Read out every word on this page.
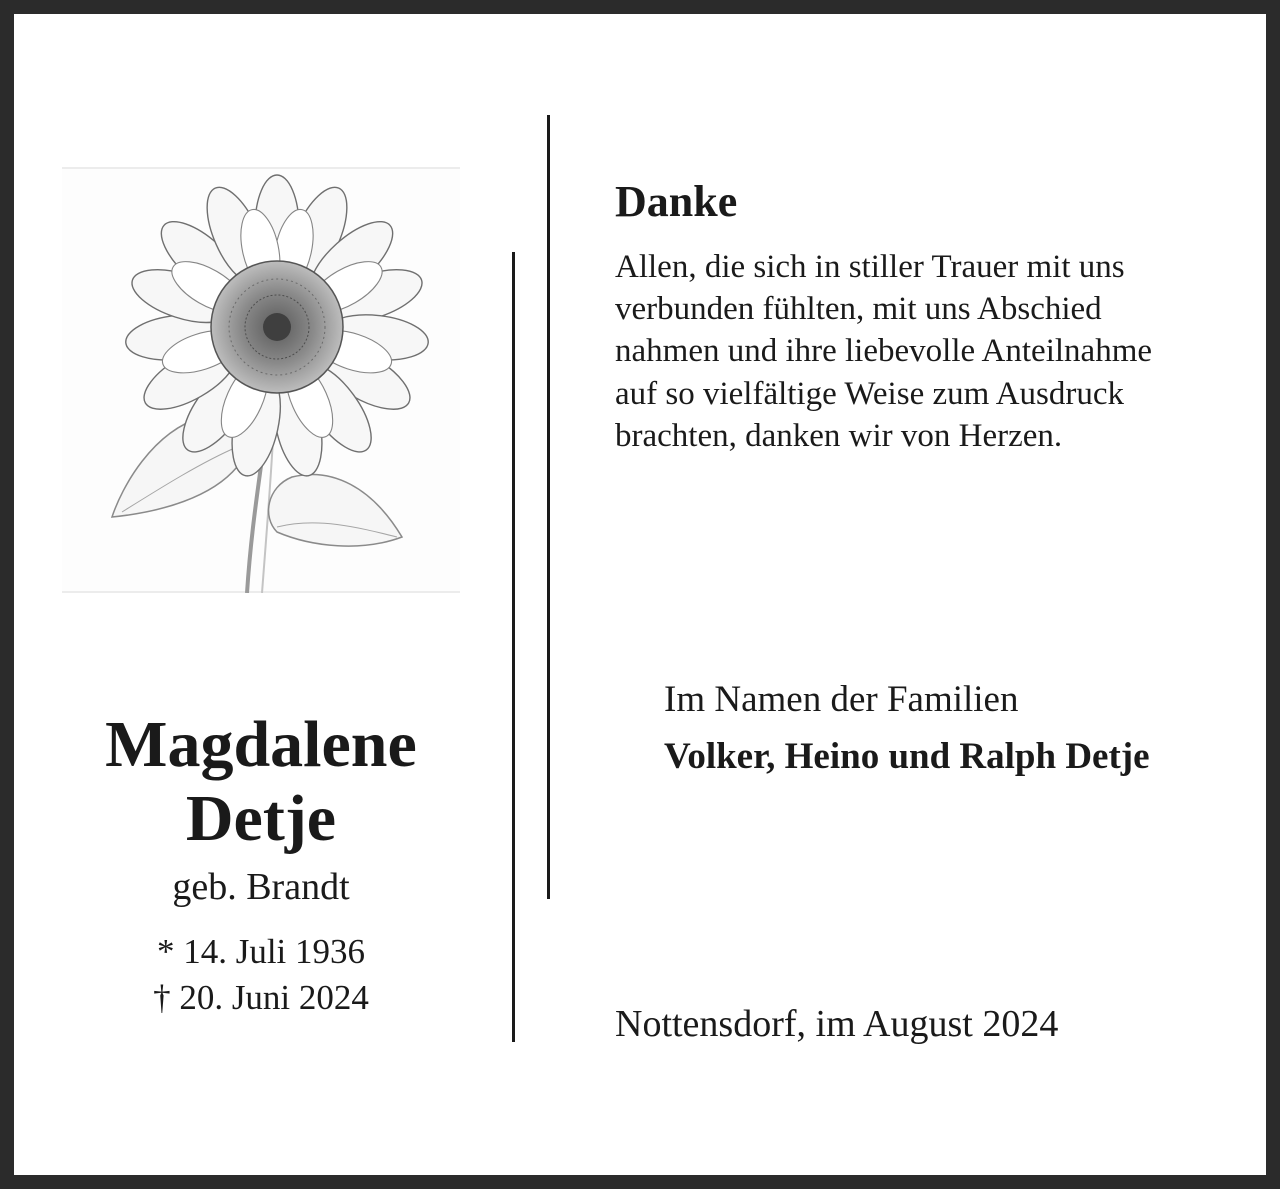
Magdalene
Detje
geb. Brandt
* 14. Juli 1936
† 20. Juni 2024
Danke
Allen, die sich in stiller Trauer mit uns
verbunden fühlten, mit uns Abschied
nahmen und ihre liebevolle Anteilnahme
auf so vielfältige Weise zum Ausdruck
brachten, danken wir von Herzen.
Im Namen der Familien
Volker, Heino und Ralph Detje
Nottensdorf, im August 2024
